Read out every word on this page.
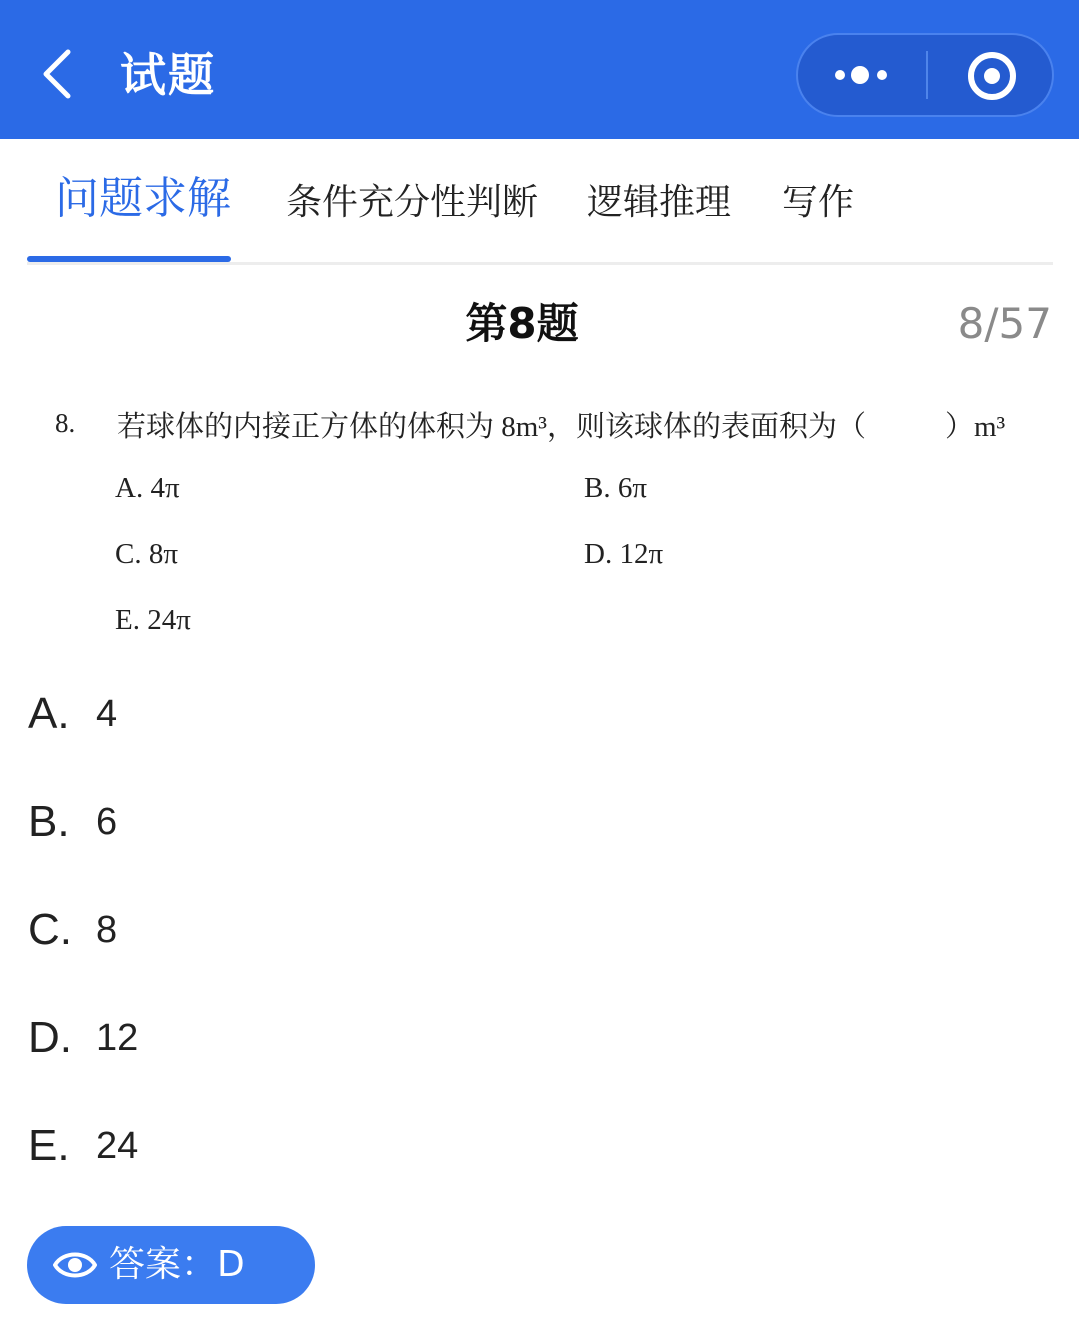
试题
问题求解 条件充分性判断 逻辑推理 写作
第8题	8/57
8. 若球体的内接正方体的体积为 8m³，则该球体的表面积为（	）m³
A. 4π	B. 6π
C. 8π	D. 12π
E. 24π
A. 4
B. 6
C. 8
D. 12
E. 24
答案：D
